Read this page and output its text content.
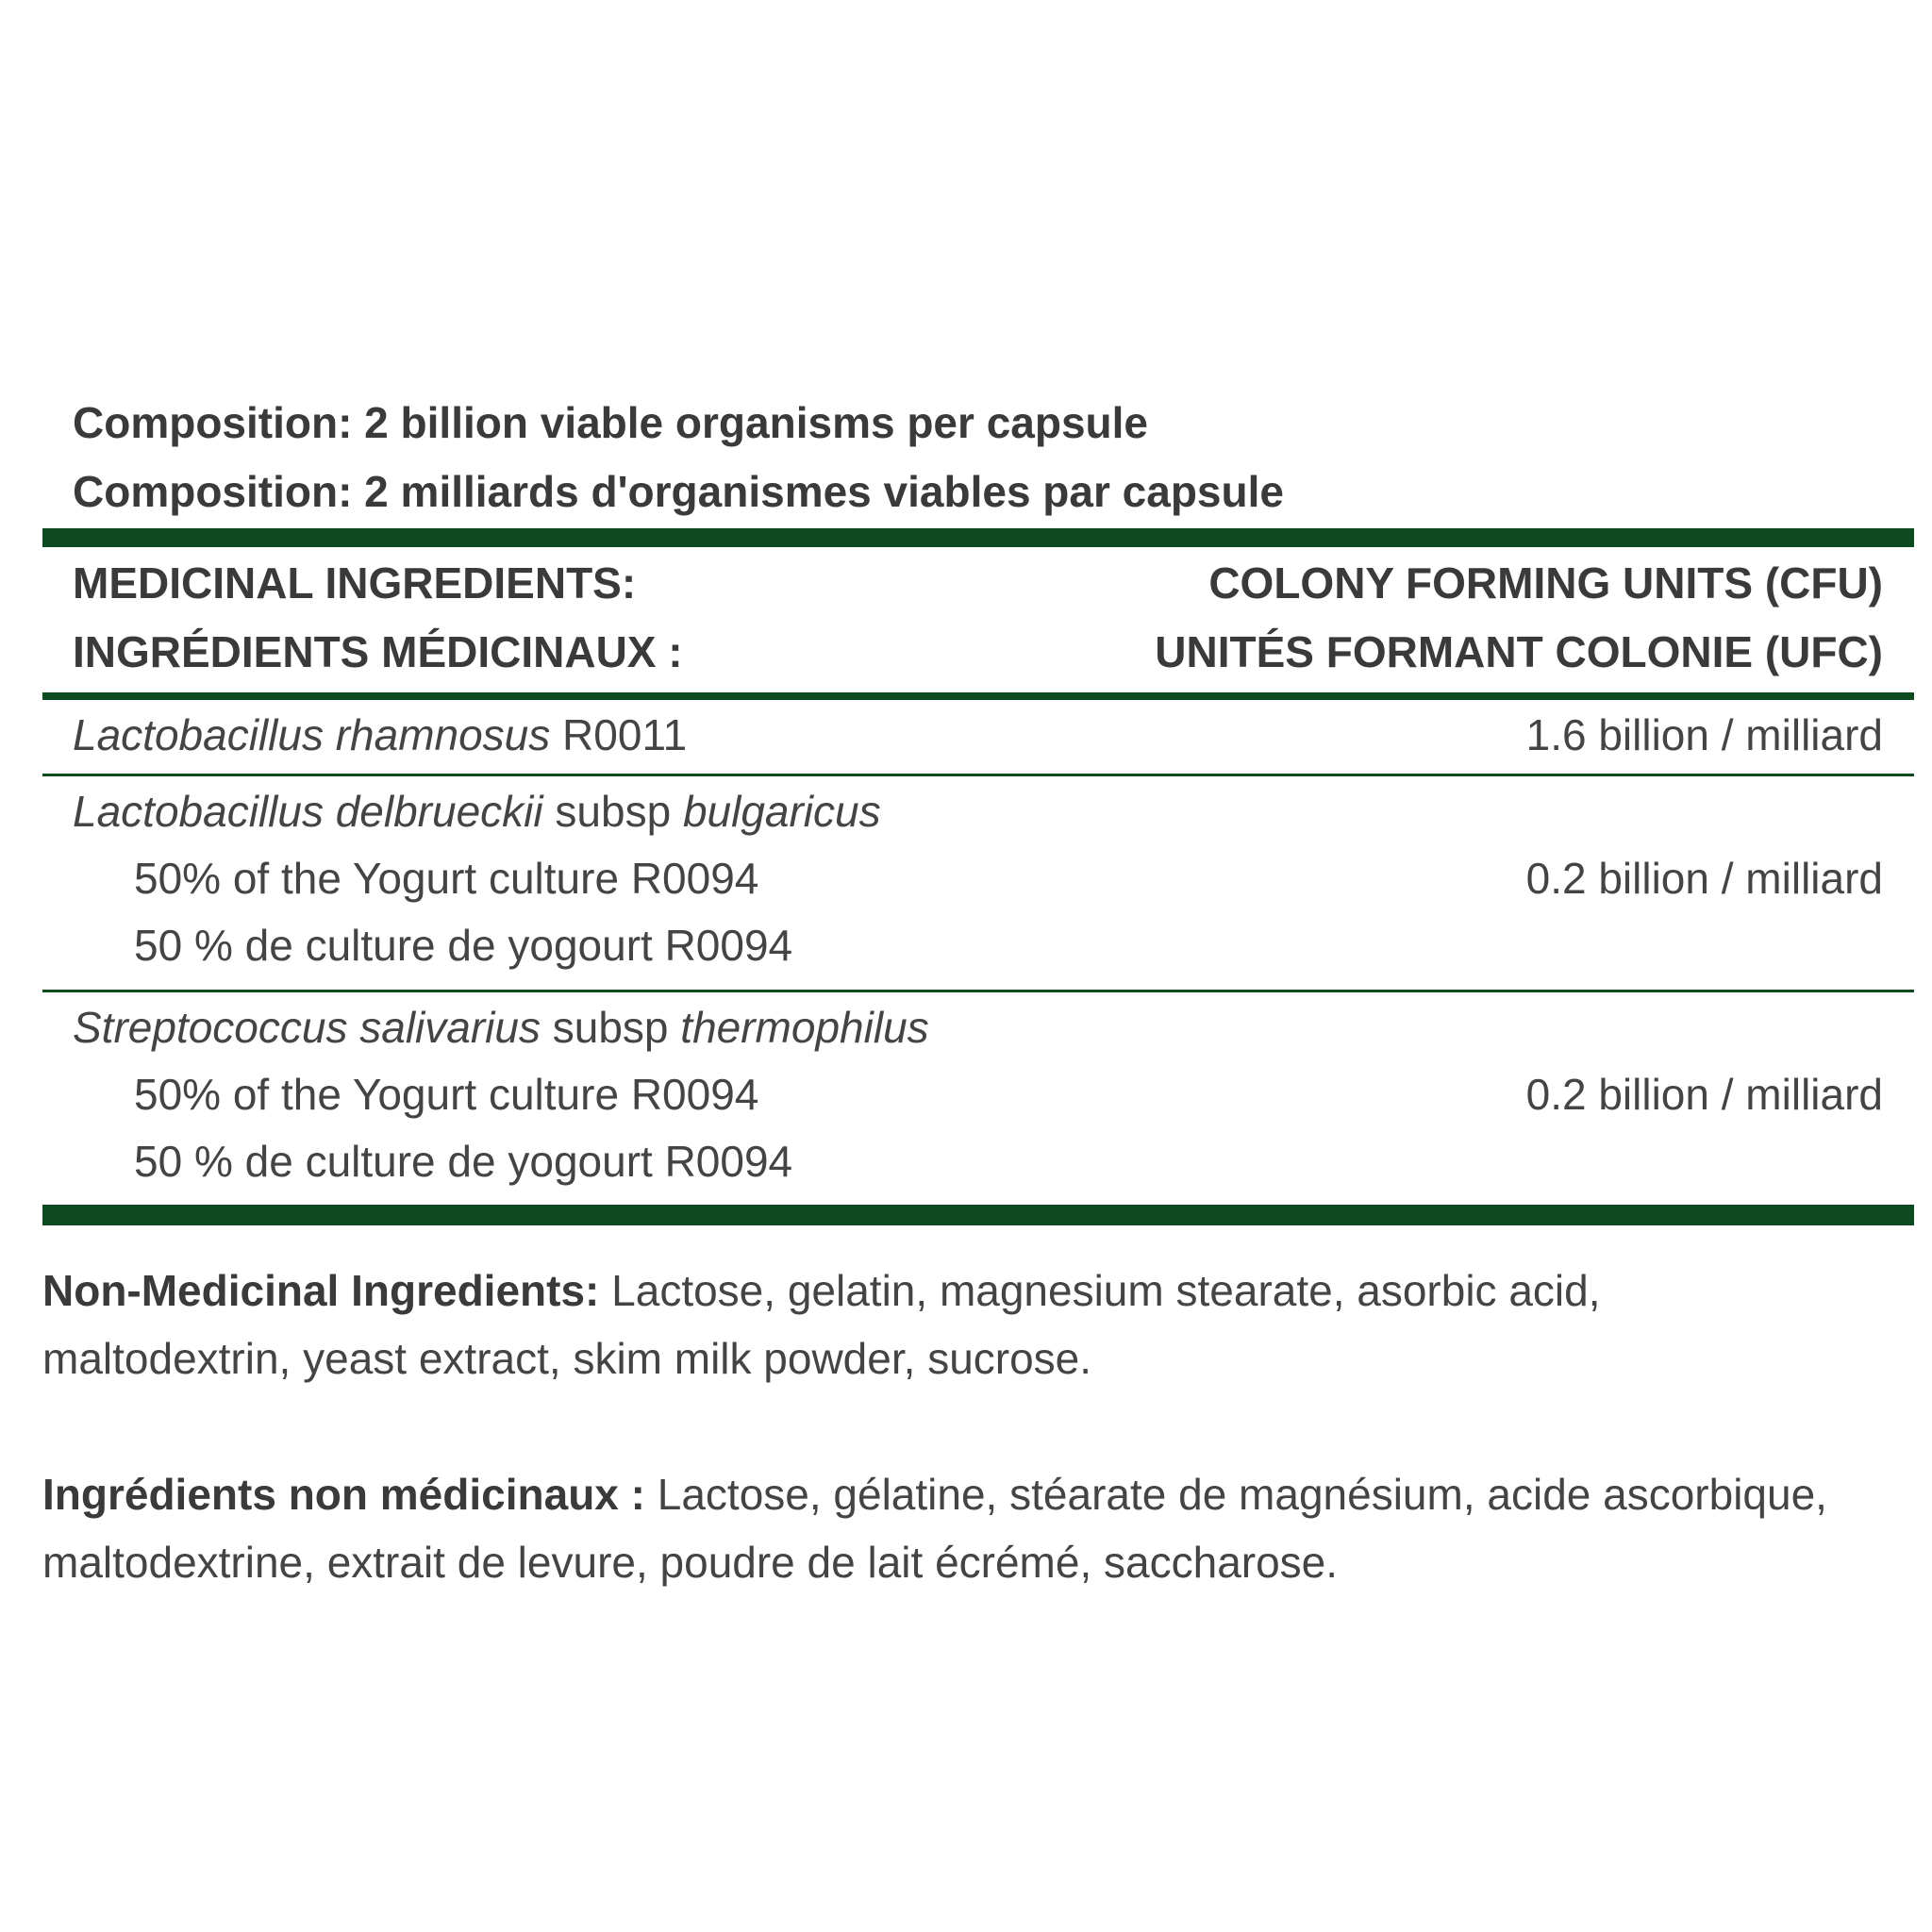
Composition: 2 billion viable organisms per capsule
Composition: 2 milliards d'organismes viables par capsule
MEDICINAL INGREDIENTS:
INGRÉDIENTS MÉDICINAUX :
COLONY FORMING UNITS (CFU)
UNITÉS FORMANT COLONIE (UFC)
Lactobacillus rhamnosus R0011	1.6 billion / milliard
Lactobacillus delbrueckii subsp bulgaricus
50% of the Yogurt culture R0094
50 % de culture de yogourt R0094
0.2 billion / milliard
Streptococcus salivarius subsp thermophilus
50% of the Yogurt culture R0094
50 % de culture de yogourt R0094
0.2 billion / milliard
Non-Medicinal Ingredients: Lactose, gelatin, magnesium stearate, asorbic acid, maltodextrin, yeast extract, skim milk powder, sucrose.
Ingrédients non médicinaux : Lactose, gélatine, stéarate de magnésium, acide ascorbique, maltodextrine, extrait de levure, poudre de lait écrémé, saccharose.
